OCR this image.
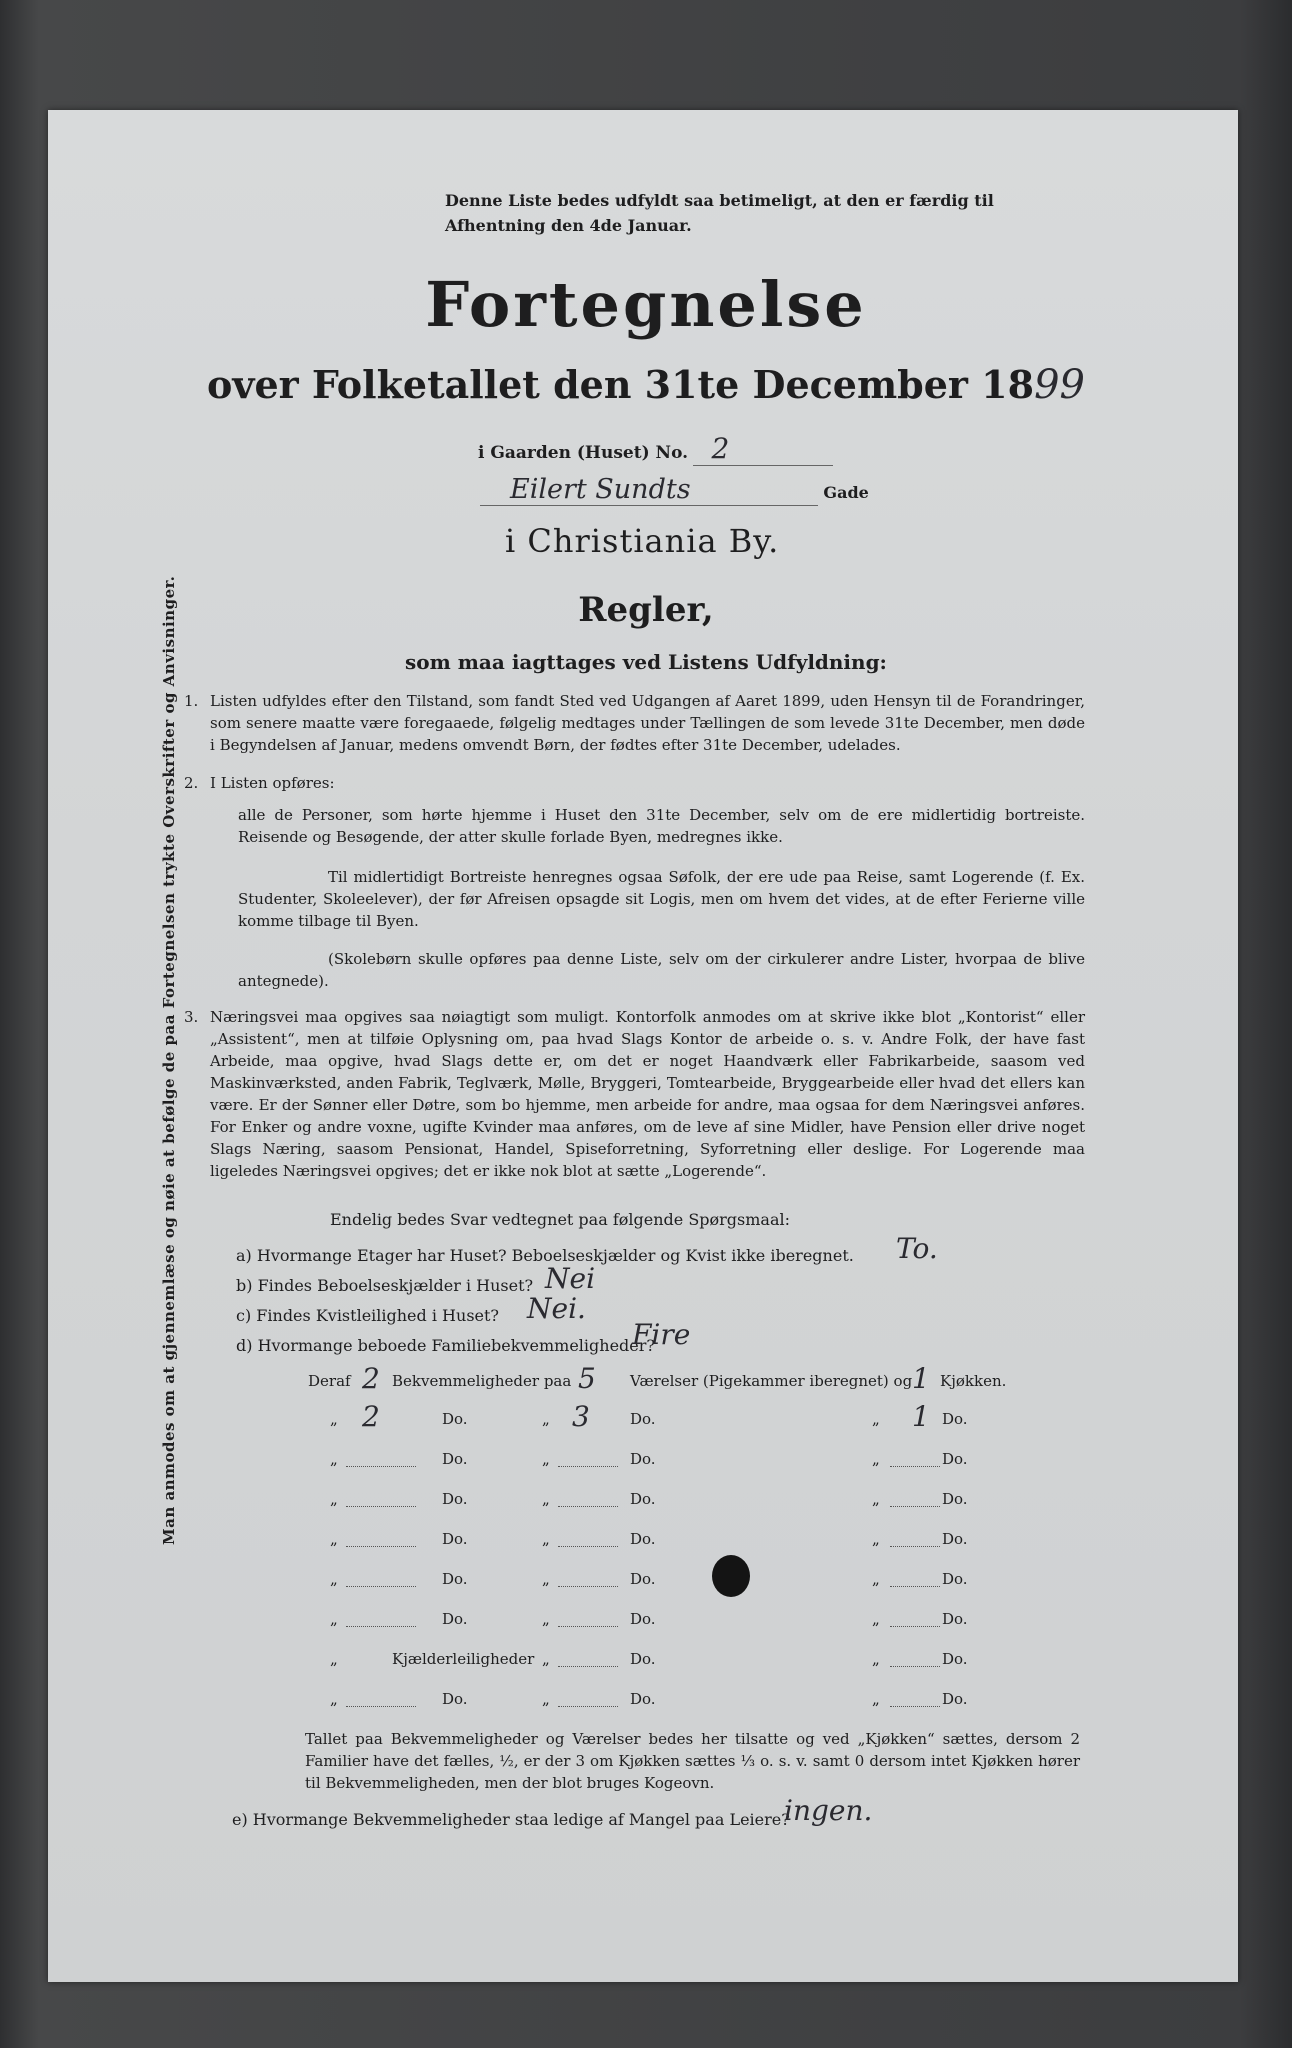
Man anmodes om at gjennemlæse og nøie at befølge de paa Fortegnelsen trykte Overskrifter og Anvisninger.
Denne Liste bedes udfyldt saa betimeligt, at den er færdig til Afhentning den 4de Januar.
Fortegnelse
over Folketallet den 31te December 1899
i Gaarden (Huset) No. 2
Eilert Sundts	Gade
i Christiania By.
Regler,
som maa iagttages ved Listens Udfyldning:
1. Listen udfyldes efter den Tilstand, som fandt Sted ved Udgangen af Aaret 1899, uden Hensyn til de Forandringer, som senere maatte være foregaaede, følgelig medtages under Tællingen de som levede 31te December, men døde i Begyndelsen af Januar, medens omvendt Børn, der fødtes efter 31te December, udelades.
2. I Listen opføres:
alle de Personer, som hørte hjemme i Huset den 31te December, selv om de ere midlertidig bortreiste. Reisende og Besøgende, der atter skulle forlade Byen, medregnes ikke.
Til midlertidigt Bortreiste henregnes ogsaa Søfolk, der ere ude paa Reise, samt Logerende (f. Ex. Studenter, Skoleelever), der før Afreisen opsagde sit Logis, men om hvem det vides, at de efter Ferierne ville komme tilbage til Byen.
(Skolebørn skulle opføres paa denne Liste, selv om der cirkulerer andre Lister, hvorpaa de blive antegnede).
3. Næringsvei maa opgives saa nøiagtigt som muligt. Kontorfolk anmodes om at skrive ikke blot „Kontorist“ eller „Assistent“, men at tilføie Oplysning om, paa hvad Slags Kontor de arbeide o. s. v. Andre Folk, der have fast Arbeide, maa opgive, hvad Slags dette er, om det er noget Haandværk eller Fabrikarbeide, saasom ved Maskinværksted, anden Fabrik, Teglværk, Mølle, Bryggeri, Tomtearbeide, Bryggearbeide eller hvad det ellers kan være. Er der Sønner eller Døtre, som bo hjemme, men arbeide for andre, maa ogsaa for dem Næringsvei anføres. For Enker og andre voxne, ugifte Kvinder maa anføres, om de leve af sine Midler, have Pension eller drive noget Slags Næring, saasom Pensionat, Handel, Spiseforretning, Syforretning eller deslige. For Logerende maa ligeledes Næringsvei opgives; det er ikke nok blot at sætte „Logerende“.
Endelig bedes Svar vedtegnet paa følgende Spørgsmaal:
a) Hvormange Etager har Huset? Beboelseskjælder og Kvist ikke iberegnet. To.
b) Findes Beboelseskjælder i Huset? Nei
c) Findes Kvistleilighed i Huset? Nei.
d) Hvormange beboede Familiebekvemmeligheder?
Fire
Deraf 2 Bekvemmeligheder paa 5 Værelser (Pigekammer iberegnet) og 1 Kjøkken.
„ 2	Do.	„ 3	Do.	„ 1 Do.
„	Do.	„	Do.	„	Do.
„	Do.	„	Do.	„	Do.
„	Do.	„	Do.	„	Do.
„	Do.	„	Do.	„	Do.
„	Do.	„	Do.	„	Do.
„	Kjælderleiligheder „	Do.	„	Do.
„	Do.	„	Do.	„	Do.
Tallet paa Bekvemmeligheder og Værelser bedes her tilsatte og ved „Kjøkken“ sættes, dersom 2 Familier have det fælles, ½, er der 3 om Kjøkken sættes ⅓ o. s. v. samt 0 dersom intet Kjøkken hører til Bekvemmeligheden, men der blot bruges Kogeovn.
e) Hvormange Bekvemmeligheder staa ledige af Mangel paa Leiere?
ingen.
